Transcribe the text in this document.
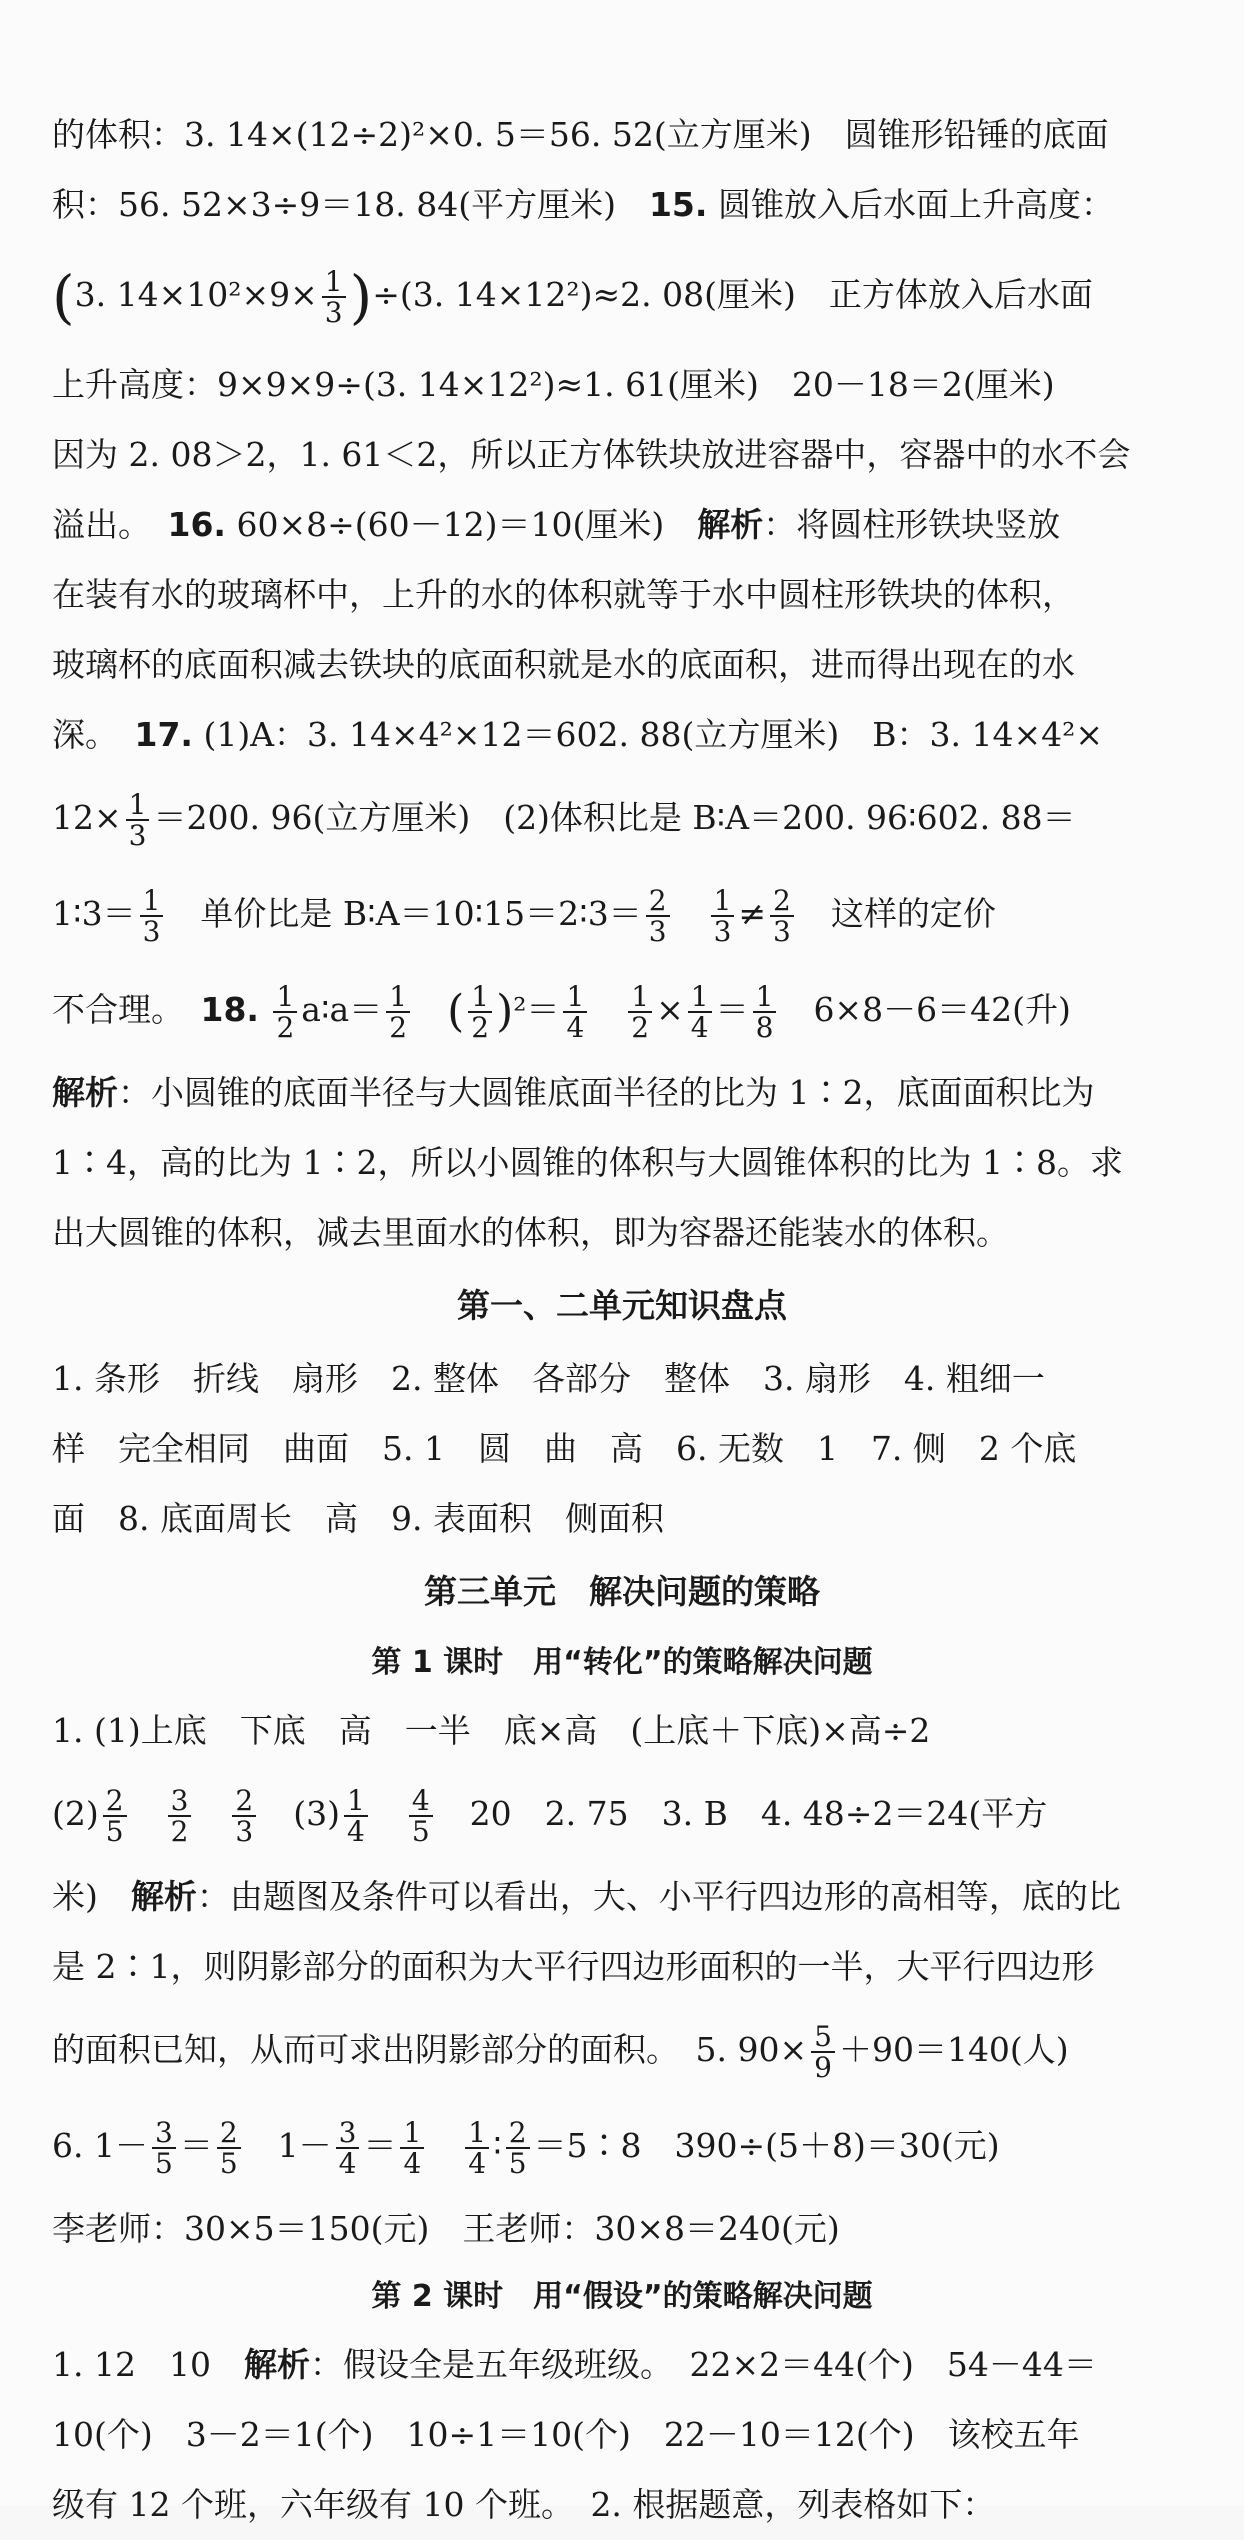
的体积：3. 14×(12÷2)²×0. 5＝56. 52(立方厘米)　圆锥形铅锤的底面
积：56. 52×3÷9＝18. 84(平方厘米)　 15. 圆锥放入后水面上升高度：
(3. $14\times 10^2\times 9\times \frac{1}{3} )\div(3$. 14×12²)≈2. 08(厘米)　正方体放入后水面
上升高度：9×9×9÷(3. 14×12²)≈1. 61(厘米)　20－18＝2(厘米)
因为 2. 08＞2，1. 61＜2，所以正方体铁块放进容器中，容器中的水不会
溢出。　 16. 60×8÷(60－12)＝10(厘米)　 解析：将圆柱形铁块竖放
在装有水的玻璃杯中，上升的水的体积就等于水中圆柱形铁块的体积，
玻璃杯的底面积减去铁块的底面积就是水的底面积，进而得出现在的水
深。　 17. (1)A：3. 14×4²×12＝602. 88(立方厘米)　B：3. 14×4²×
$12\times \frac{1}{3} =200$. 96(立方厘米)　(2)体积比是 B∶A＝200. 96∶602. 88＝
1∶3＝ $\frac{1}{3}$
　 单价比是 B∶A＝10∶15＝2∶3＝ $\frac{2}{3}$
　 $\frac{1}{3} \ne \frac{2}{3}$
　 这样的定价
不合理。　 18. $\frac{1}{2}$ a∶a＝ $\frac{1}{2}$
　 ( $\frac{1}{2} )^2= \frac{1}{4}$
　 $\frac{1}{2} \times \frac{1}{4} = \frac{1}{8}$
　 6×8－6＝42(升)
解析：小圆锥的底面半径与大圆锥底面半径的比为 1∶2，底面面积比为
1∶4，高的比为 1∶2，所以小圆锥的体积与大圆锥体积的比为 1∶8。求
出大圆锥的体积，减去里面水的体积，即为容器还能装水的体积。
第一、二单元知识盘点
1. 条形　折线　扇形　2. 整体　各部分　整体　3. 扇形　4. 粗细一
样　完全相同　曲面　5. 1　圆　曲　高　6. 无数　1　7. 侧　2 个底
面　8. 底面周长　高　9. 表面积　侧面积
第三单元　解决问题的策略
第 1 课时　用“转化”的策略解决问题
1. (1)上底　下底　高　一半　底×高　(上底＋下底)×高÷2
$(2) \frac{2}{5}$
　 $\frac{3}{2}$
　 $\frac{2}{3}$
　 $(3) \frac{1}{4}$
　 $\frac{4}{5}$
　 20　2. 75　3. B　4. 48÷2＝24(平方
米)　解析：由题图及条件可以看出，大、小平行四边形的高相等，底的比
是 2∶1，则阴影部分的面积为大平行四边形面积的一半，大平行四边形
的面积已知，从而可求出阴影部分的面积。　5. $90\times \frac{5}{9} +90=140$(人)
6. $1- \frac{3}{5} = \frac{2}{5}$ 　$1- \frac{3}{4} = \frac{1}{4}$
　 $\frac{1}{4}$ ∶ $\frac{2}{5}$ ＝5∶8　390÷(5＋8)＝30(元)
李老师：30×5＝150(元)　王老师：30×8＝240(元)
第 2 课时　用“假设”的策略解决问题
1. 12　10　解析：假设全是五年级班级。　22×2＝44(个)　54－44＝
10(个)　3－2＝1(个)　10÷1＝10(个)　22－10＝12(个)　该校五年
级有 12 个班，六年级有 10 个班。　2. 根据题意，列表格如下：
